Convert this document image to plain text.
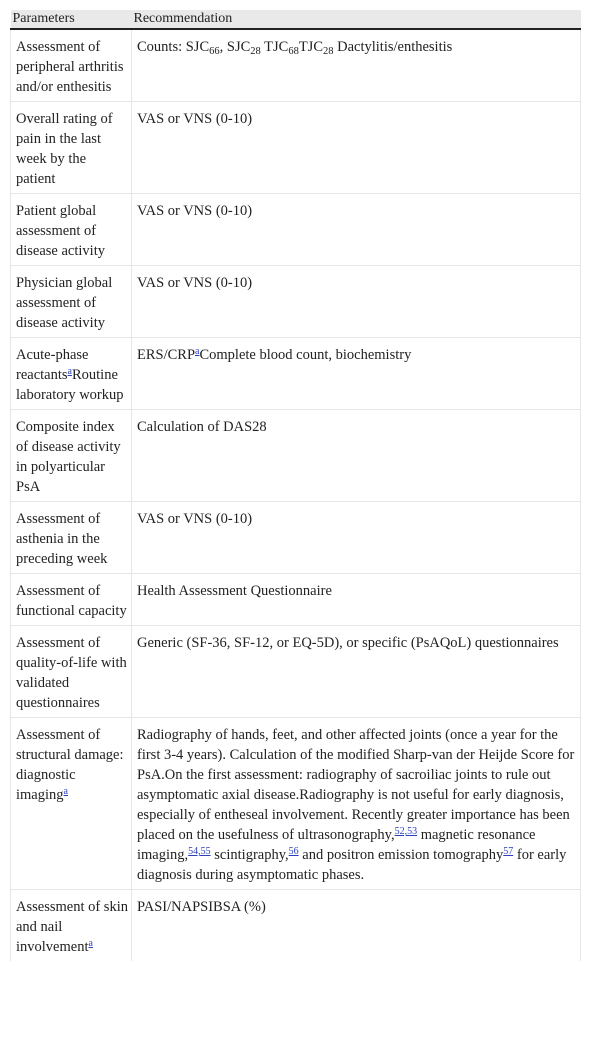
Parameters	Recommendation
Assessment of peripheral arthritis and/or enthesitis	Counts: $SJC_{66}$, $SJC_{28}$ $TJC_{68}TJC_{28}$ Dactylitis/enthesitis
Overall rating of pain in the last week by the patient	VAS or VNS (0-10)
Patient global assessment of disease activity	VAS or VNS (0-10)
Physician global assessment of disease activity	VAS or VNS (0-10)
Acute-phase reactants$^a$Routine laboratory workup	ERS/CRP$^a$Complete blood count, biochemistry
Composite index of disease activity in polyarticular PsA	Calculation of DAS28
Assessment of asthenia in the preceding week	VAS or VNS (0-10)
Assessment of functional capacity	Health Assessment Questionnaire
Assessment of quality-of-life with validated questionnaires	Generic (SF-36, SF-12, or EQ-5D), or specific (PsAQoL) questionnaires
Assessment of structural damage: diagnostic imaging$^a$	Radiography of hands, feet, and other affected joints (once a year for the first 3-4 years). Calculation of the modified Sharp-van der Heijde Score for PsA.On the first assessment: radiography of sacroiliac joints to rule out asymptomatic axial disease.Radiography is not useful for early diagnosis, especially of entheseal involvement. Recently greater importance has been placed on the usefulness of ultrasonography,$^{52,53}$ magnetic resonance imaging,$^{54,55}$ scintigraphy,$^{56}$ and positron emission tomography$^{57}$ for early diagnosis during asymptomatic phases.
Assessment of skin and nail involvement$^a$	PASI/NAPSIBSA (%)
